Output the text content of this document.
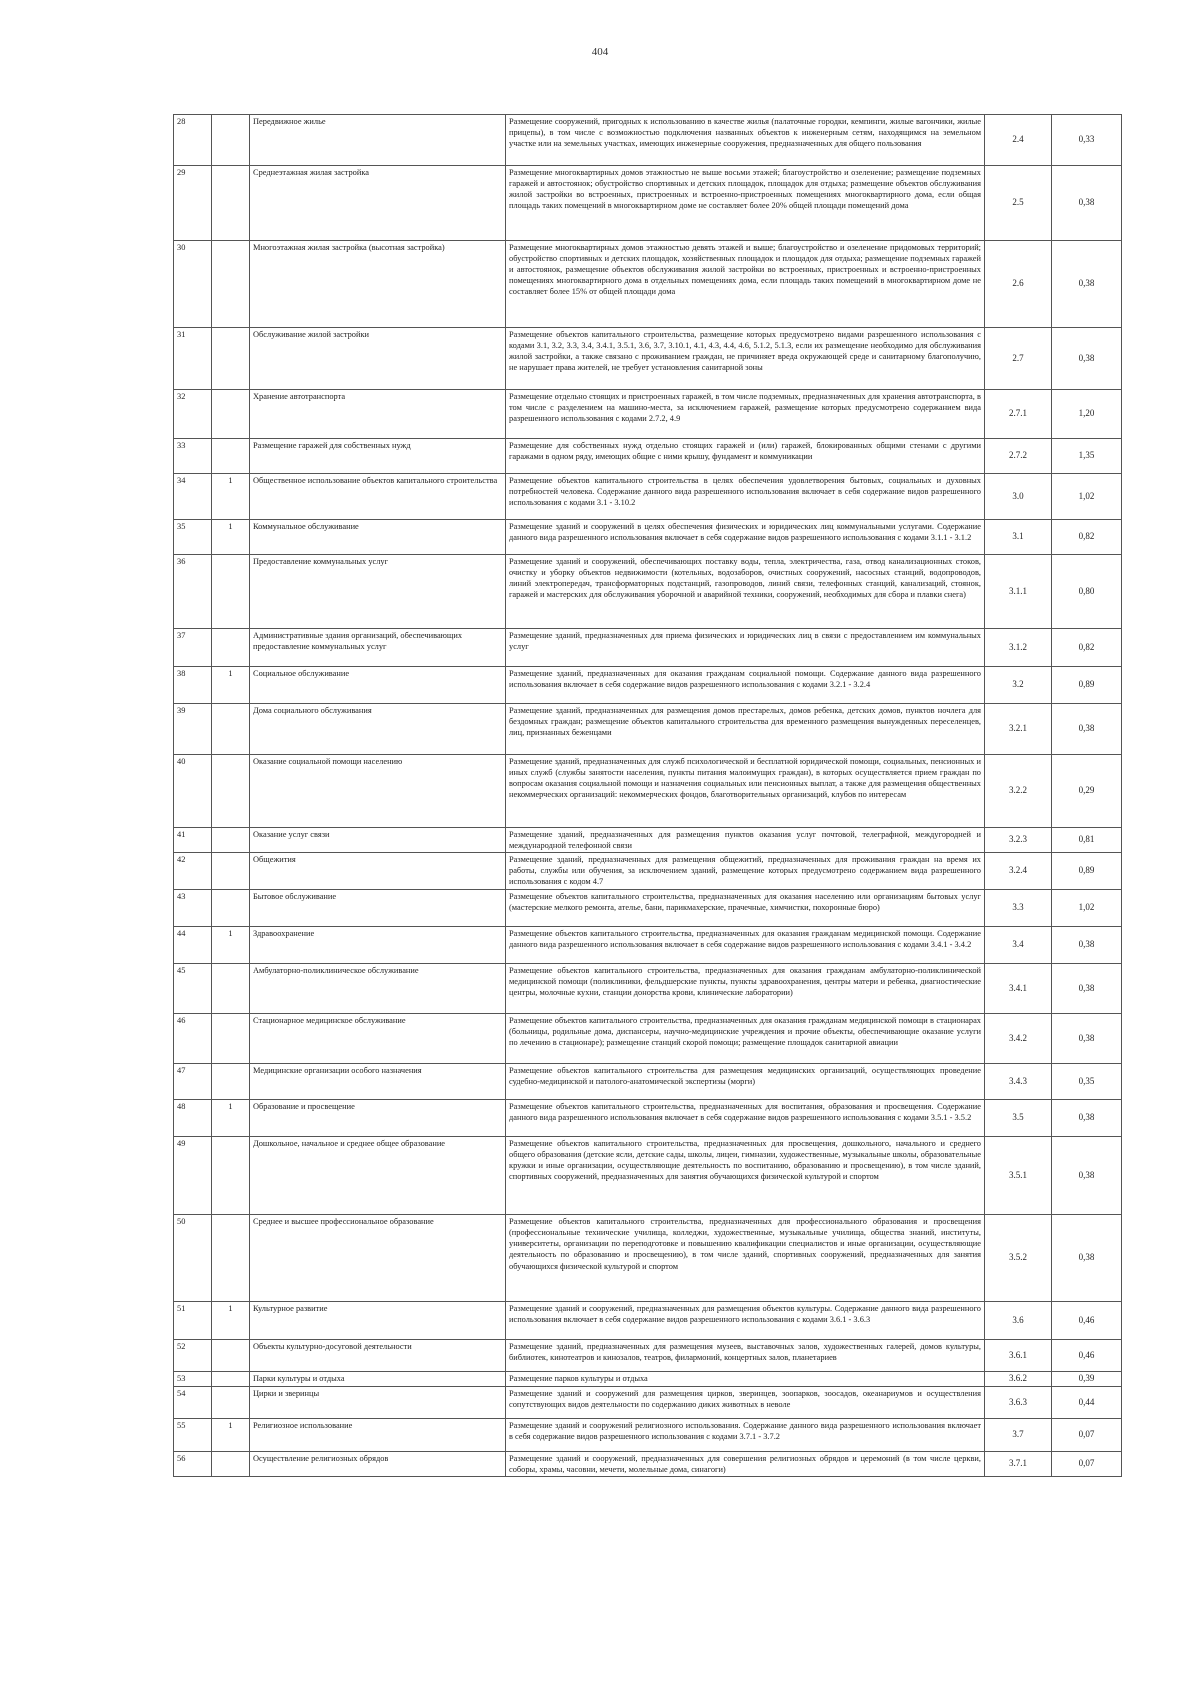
404
28		Передвижное жилье	Размещение сооружений, пригодных к использованию в качестве жилья (палаточные городки, кемпинги, жилые вагончики, жилые прицепы), в том числе с возможностью подключения названных объектов к инженерным сетям, находящимся на земельном участке или на земельных участках, имеющих инженерные сооружения, предназначенных для общего пользования	2.4	0,33
29		Среднеэтажная жилая застройка	Размещение многоквартирных домов этажностью не выше восьми этажей; благоустройство и озеленение; размещение подземных гаражей и автостоянок; обустройство спортивных и детских площадок, площадок для отдыха; размещение объектов обслуживания жилой застройки во встроенных, пристроенных и встроенно-пристроенных помещениях многоквартирного дома, если общая площадь таких помещений в многоквартирном доме не составляет более 20% общей площади помещений дома	2.5	0,38
30		Многоэтажная жилая застройка (высотная застройка)	Размещение многоквартирных домов этажностью девять этажей и выше; благоустройство и озеленение придомовых территорий; обустройство спортивных и детских площадок, хозяйственных площадок и площадок для отдыха; размещение подземных гаражей и автостоянок, размещение объектов обслуживания жилой застройки во встроенных, пристроенных и встроенно-пристроенных помещениях многоквартирного дома в отдельных помещениях дома, если площадь таких помещений в многоквартирном доме не составляет более 15% от общей площади дома	2.6	0,38
31		Обслуживание жилой застройки	Размещение объектов капитального строительства, размещение которых предусмотрено видами разрешенного использования с кодами 3.1, 3.2, 3.3, 3.4, 3.4.1, 3.5.1, 3.6, 3.7, 3.10.1, 4.1, 4.3, 4.4, 4.6, 5.1.2, 5.1.3, если их размещение необходимо для обслуживания жилой застройки, а также связано с проживанием граждан, не причиняет вреда окружающей среде и санитарному благополучию, не нарушает права жителей, не требует установления санитарной зоны	2.7	0,38
32		Хранение автотранспорта	Размещение отдельно стоящих и пристроенных гаражей, в том числе подземных, предназначенных для хранения автотранспорта, в том числе с разделением на машино-места, за исключением гаражей, размещение которых предусмотрено содержанием вида разрешенного использования с кодами 2.7.2, 4.9	2.7.1	1,20
33		Размещение гаражей для собственных нужд	Размещение для собственных нужд отдельно стоящих гаражей и (или) гаражей, блокированных общими стенами с другими гаражами в одном ряду, имеющих общие с ними крышу, фундамент и коммуникации	2.7.2	1,35
34	1	Общественное использование объектов капитального строительства	Размещение объектов капитального строительства в целях обеспечения удовлетворения бытовых, социальных и духовных потребностей человека. Содержание данного вида разрешенного использования включает в себя содержание видов разрешенного использования с кодами 3.1 - 3.10.2	3.0	1,02
35	1	Коммунальное обслуживание	Размещение зданий и сооружений в целях обеспечения физических и юридических лиц коммунальными услугами. Содержание данного вида разрешенного использования включает в себя содержание видов разрешенного использования с кодами 3.1.1 - 3.1.2	3.1	0,82
36		Предоставление коммунальных услуг	Размещение зданий и сооружений, обеспечивающих поставку воды, тепла, электричества, газа, отвод канализационных стоков, очистку и уборку объектов недвижимости (котельных, водозаборов, очистных сооружений, насосных станций, водопроводов, линий электропередач, трансформаторных подстанций, газопроводов, линий связи, телефонных станций, канализаций, стоянок, гаражей и мастерских для обслуживания уборочной и аварийной техники, сооружений, необходимых для сбора и плавки снега)	3.1.1	0,80
37		Административные здания организаций, обеспечивающих предоставление коммунальных услуг	Размещение зданий, предназначенных для приема физических и юридических лиц в связи с предоставлением им коммунальных услуг	3.1.2	0,82
38	1	Социальное обслуживание	Размещение зданий, предназначенных для оказания гражданам социальной помощи. Содержание данного вида разрешенного использования включает в себя содержание видов разрешенного использования с кодами 3.2.1 - 3.2.4	3.2	0,89
39		Дома социального обслуживания	Размещение зданий, предназначенных для размещения домов престарелых, домов ребенка, детских домов, пунктов ночлега для бездомных граждан; размещение объектов капитального строительства для временного размещения вынужденных переселенцев, лиц, признанных беженцами	3.2.1	0,38
40		Оказание социальной помощи населению	Размещение зданий, предназначенных для служб психологической и бесплатной юридической помощи, социальных, пенсионных и иных служб (службы занятости населения, пункты питания малоимущих граждан), в которых осуществляется прием граждан по вопросам оказания социальной помощи и назначения социальных или пенсионных выплат, а также для размещения общественных некоммерческих организаций: некоммерческих фондов, благотворительных организаций, клубов по интересам	3.2.2	0,29
41		Оказание услуг связи	Размещение зданий, предназначенных для размещения пунктов оказания услуг почтовой, телеграфной, междугородней и международной телефонной связи	3.2.3	0,81
42		Общежития	Размещение зданий, предназначенных для размещения общежитий, предназначенных для проживания граждан на время их работы, службы или обучения, за исключением зданий, размещение которых предусмотрено содержанием вида разрешенного использования с кодом 4.7	3.2.4	0,89
43		Бытовое обслуживание	Размещение объектов капитального строительства, предназначенных для оказания населению или организациям бытовых услуг (мастерские мелкого ремонта, ателье, бани, парикмахерские, прачечные, химчистки, похоронные бюро)	3.3	1,02
44	1	Здравоохранение	Размещение объектов капитального строительства, предназначенных для оказания гражданам медицинской помощи. Содержание данного вида разрешенного использования включает в себя содержание видов разрешенного использования с кодами 3.4.1 - 3.4.2	3.4	0,38
45		Амбулаторно-поликлиническое обслуживание	Размещение объектов капитального строительства, предназначенных для оказания гражданам амбулаторно-поликлинической медицинской помощи (поликлиники, фельдшерские пункты, пункты здравоохранения, центры матери и ребенка, диагностические центры, молочные кухни, станции донорства крови, клинические лаборатории)	3.4.1	0,38
46		Стационарное медицинское обслуживание	Размещение объектов капитального строительства, предназначенных для оказания гражданам медицинской помощи в стационарах (больницы, родильные дома, диспансеры, научно-медицинские учреждения и прочие объекты, обеспечивающие оказание услуги по лечению в стационаре); размещение станций скорой помощи; размещение площадок санитарной авиации	3.4.2	0,38
47		Медицинские организации особого назначения	Размещение объектов капитального строительства для размещения медицинских организаций, осуществляющих проведение судебно-медицинской и патолого-анатомической экспертизы (морги)	3.4.3	0,35
48	1	Образование и просвещение	Размещение объектов капитального строительства, предназначенных для воспитания, образования и просвещения. Содержание данного вида разрешенного использования включает в себя содержание видов разрешенного использования с кодами 3.5.1 - 3.5.2	3.5	0,38
49		Дошкольное, начальное и среднее общее образование	Размещение объектов капитального строительства, предназначенных для просвещения, дошкольного, начального и среднего общего образования (детские ясли, детские сады, школы, лицеи, гимназии, художественные, музыкальные школы, образовательные кружки и иные организации, осуществляющие деятельность по воспитанию, образованию и просвещению), в том числе зданий, спортивных сооружений, предназначенных для занятия обучающихся физической культурой и спортом	3.5.1	0,38
50		Среднее и высшее профессиональное образование	Размещение объектов капитального строительства, предназначенных для профессионального образования и просвещения (профессиональные технические училища, колледжи, художественные, музыкальные училища, общества знаний, институты, университеты, организации по переподготовке и повышению квалификации специалистов и иные организации, осуществляющие деятельность по образованию и просвещению), в том числе зданий, спортивных сооружений, предназначенных для занятия обучающихся физической культурой и спортом	3.5.2	0,38
51	1	Культурное развитие	Размещение зданий и сооружений, предназначенных для размещения объектов культуры. Содержание данного вида разрешенного использования включает в себя содержание видов разрешенного использования с кодами 3.6.1 - 3.6.3	3.6	0,46
52		Объекты культурно-досуговой деятельности	Размещение зданий, предназначенных для размещения музеев, выставочных залов, художественных галерей, домов культуры, библиотек, кинотеатров и кинозалов, театров, филармоний, концертных залов, планетариев	3.6.1	0,46
53		Парки культуры и отдыха	Размещение парков культуры и отдыха	3.6.2	0,39
54		Цирки и зверинцы	Размещение зданий и сооружений для размещения цирков, зверинцев, зоопарков, зоосадов, океанариумов и осуществления сопутствующих видов деятельности по содержанию диких животных в неволе	3.6.3	0,44
55	1	Религиозное использование	Размещение зданий и сооружений религиозного использования. Содержание данного вида разрешенного использования включает в себя содержание видов разрешенного использования с кодами 3.7.1 - 3.7.2	3.7	0,07
56		Осуществление религиозных обрядов	Размещение зданий и сооружений, предназначенных для совершения религиозных обрядов и церемоний (в том числе церкви, соборы, храмы, часовни, мечети, молельные дома, синагоги)	3.7.1	0,07
